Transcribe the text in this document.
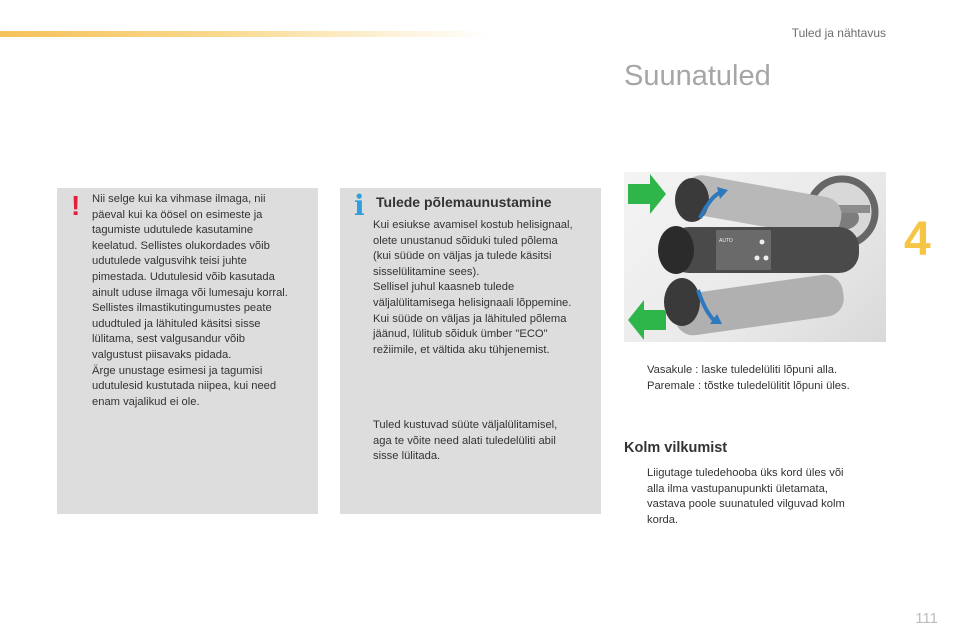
Tuled ja nähtavus
Suunatuled
! Nii selge kui ka vihmase ilmaga, nii
päeval kui ka öösel on esimeste ja
tagumiste udutulede kasutamine
keelatud. Sellistes olukordades võib
udutulede valgusvihk teisi juhte
pimestada. Udutulesid võib kasutada
ainult uduse ilmaga või lumesaju korral.
Sellistes ilmastikutingumustes peate
ududtuled ja lähituled käsitsi sisse
lülitama, sest valgusandur võib
valgustust piisavaks pidada.
Ärge unustage esimesi ja tagumisi
udutulesid kustutada niipea, kui need
enam vajalikud ei ole.
i Tulede põlemaunustamine
Kui esiukse avamisel kostub helisignaal,
olete unustanud sõiduki tuled põlema
(kui süüde on väljas ja tulede käsitsi
sisselülitamine sees).
Sellisel juhul kaasneb tulede
väljalülitamisega helisignaali lõppemine.
Kui süüde on väljas ja lähituled põlema
jäänud, lülitub sõiduk ümber "ECO"
režiimile, et vältida aku tühjenemist.
Tuled kustuvad süüte väljalülitamisel,
aga te võite need alati tuledelüliti abil
sisse lülitada.
AUTO	4
Vasakule : laske tuledelüliti lõpuni alla.
Paremale : tõstke tuledelülitit lõpuni üles.
Kolm vilkumist
Liigutage tuledehooba üks kord üles või
alla ilma vastupanupunkti ületamata,
vastava poole suunatuled vilguvad kolm
korda.
111
